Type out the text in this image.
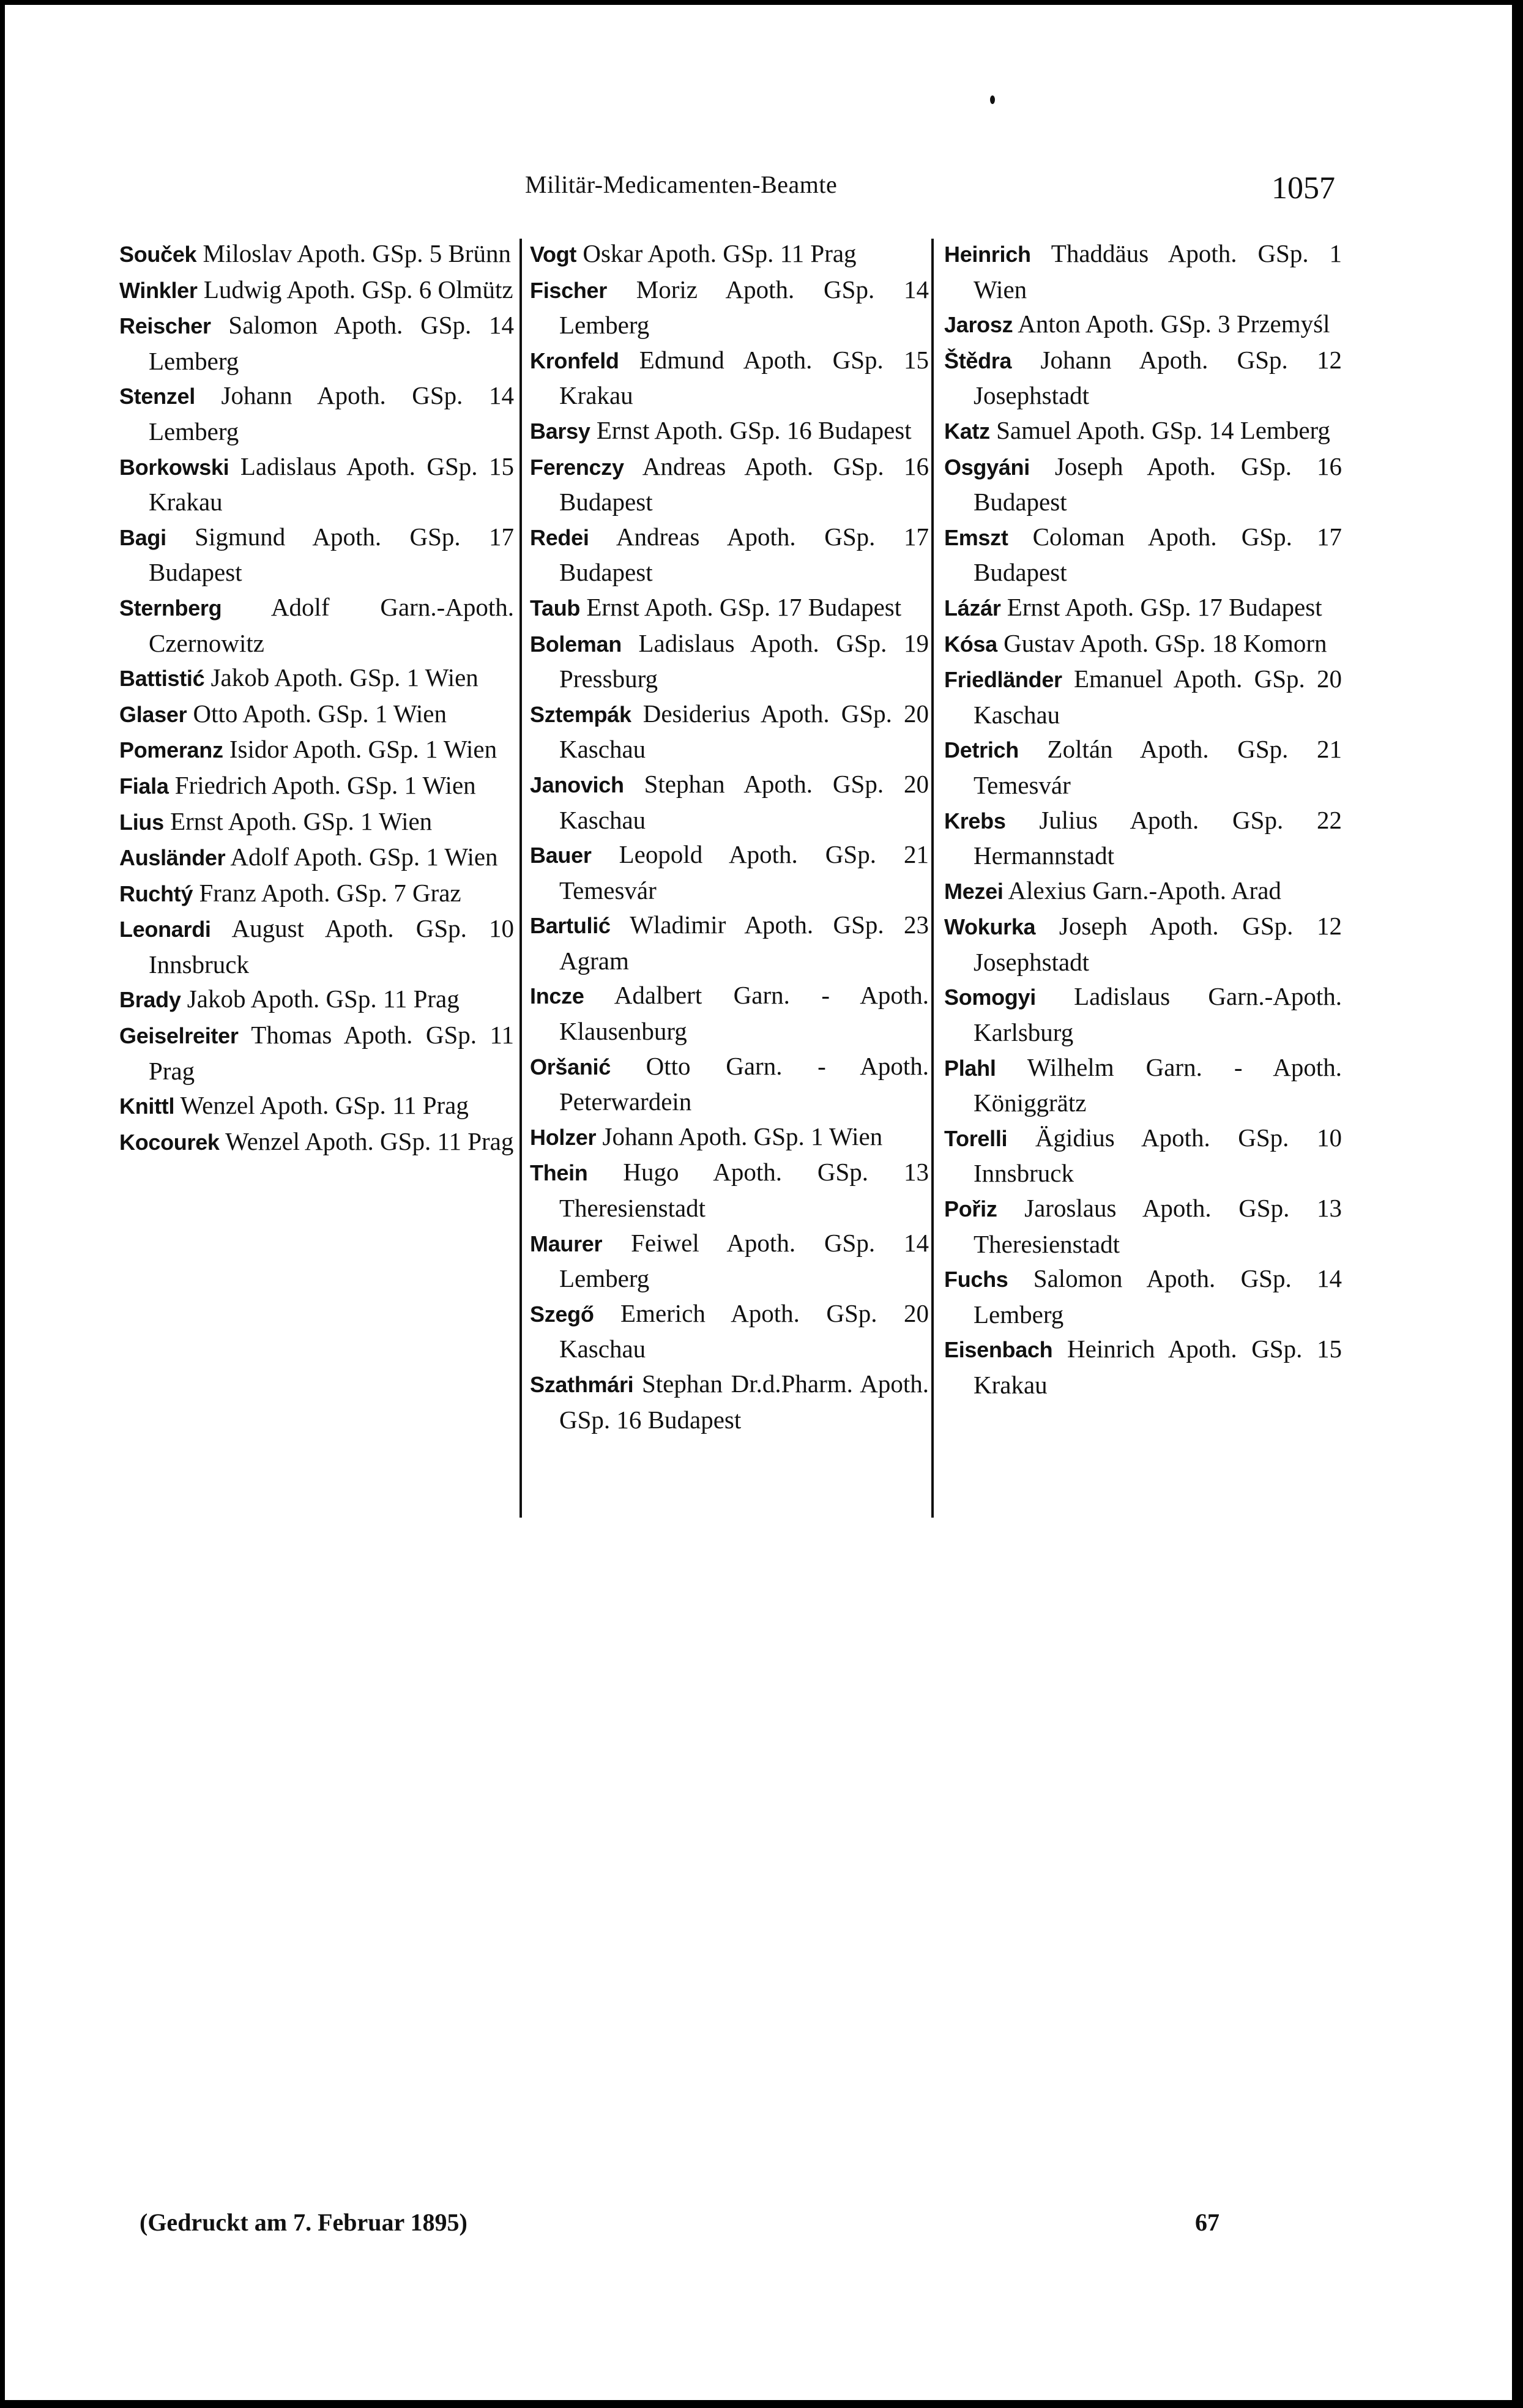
Militär-Medicamenten-Beamte	1057

Souček Miloslav Apoth. GSp. 5 Brünn

Winkler Ludwig Apoth. GSp. 6 Olmütz

Reischer Salomon Apoth. GSp. 14 Lemberg

Stenzel Johann Apoth. GSp. 14 Lemberg

Borkowski Ladislaus Apoth. GSp. 15 Krakau

Bagi Sigmund Apoth. GSp. 17 Budapest

Sternberg Adolf Garn.-Apoth. Czernowitz

Battistić Jakob Apoth. GSp. 1 Wien

Glaser Otto Apoth. GSp. 1 Wien

Pomeranz Isidor Apoth. GSp. 1 Wien

Fiala Friedrich Apoth. GSp. 1 Wien

Lius Ernst Apoth. GSp. 1 Wien

Ausländer Adolf Apoth. GSp. 1 Wien

Ruchtý Franz Apoth. GSp. 7 Graz

Leonardi August Apoth. GSp. 10 Innsbruck

Brady Jakob Apoth. GSp. 11 Prag

Geiselreiter Thomas Apoth. GSp. 11 Prag

Knittl Wenzel Apoth. GSp. 11 Prag

Kocourek Wenzel Apoth. GSp. 11 Prag

Vogt Oskar Apoth. GSp. 11 Prag

Fischer Moriz Apoth. GSp. 14 Lemberg

Kronfeld Edmund Apoth. GSp. 15 Krakau

Barsy Ernst Apoth. GSp. 16 Budapest

Ferenczy Andreas Apoth. GSp. 16 Budapest

Redei Andreas Apoth. GSp. 17 Budapest

Taub Ernst Apoth. GSp. 17 Budapest

Boleman Ladislaus Apoth. GSp. 19 Pressburg

Sztempák Desiderius Apoth. GSp. 20 Kaschau

Janovich Stephan Apoth. GSp. 20 Kaschau

Bauer Leopold Apoth. GSp. 21 Temesvár

Bartulić Wladimir Apoth. GSp. 23 Agram

Incze Adalbert Garn. - Apoth. Klausenburg

Oršanić Otto Garn. - Apoth. Peterwardein

Holzer Johann Apoth. GSp. 1 Wien

Thein Hugo Apoth. GSp. 13 Theresienstadt

Maurer Feiwel Apoth. GSp. 14 Lemberg

Szegő Emerich Apoth. GSp. 20 Kaschau

Szathmári Stephan Dr.d.Pharm. Apoth. GSp. 16 Budapest

Heinrich Thaddäus Apoth. GSp. 1 Wien

Jarosz Anton Apoth. GSp. 3 Przemyśl

Štědra Johann Apoth. GSp. 12 Josephstadt

Katz Samuel Apoth. GSp. 14 Lemberg

Osgyáni Joseph Apoth. GSp. 16 Budapest

Emszt Coloman Apoth. GSp. 17 Budapest

Lázár Ernst Apoth. GSp. 17 Budapest

Kósa Gustav Apoth. GSp. 18 Komorn

Friedländer Emanuel Apoth. GSp. 20 Kaschau

Detrich Zoltán Apoth. GSp. 21 Temesvár

Krebs Julius Apoth. GSp. 22 Hermannstadt

Mezei Alexius Garn.-Apoth. Arad

Wokurka Joseph Apoth. GSp. 12 Josephstadt

Somogyi Ladislaus Garn.-Apoth. Karlsburg

Plahl Wilhelm Garn. - Apoth. Königgrätz

Torelli Ägidius Apoth. GSp. 10 Innsbruck

Pořiz Jaroslaus Apoth. GSp. 13 Theresienstadt

Fuchs Salomon Apoth. GSp. 14 Lemberg

Eisenbach Heinrich Apoth. GSp. 15 Krakau

(Gedruckt am 7. Februar 1895)	67
